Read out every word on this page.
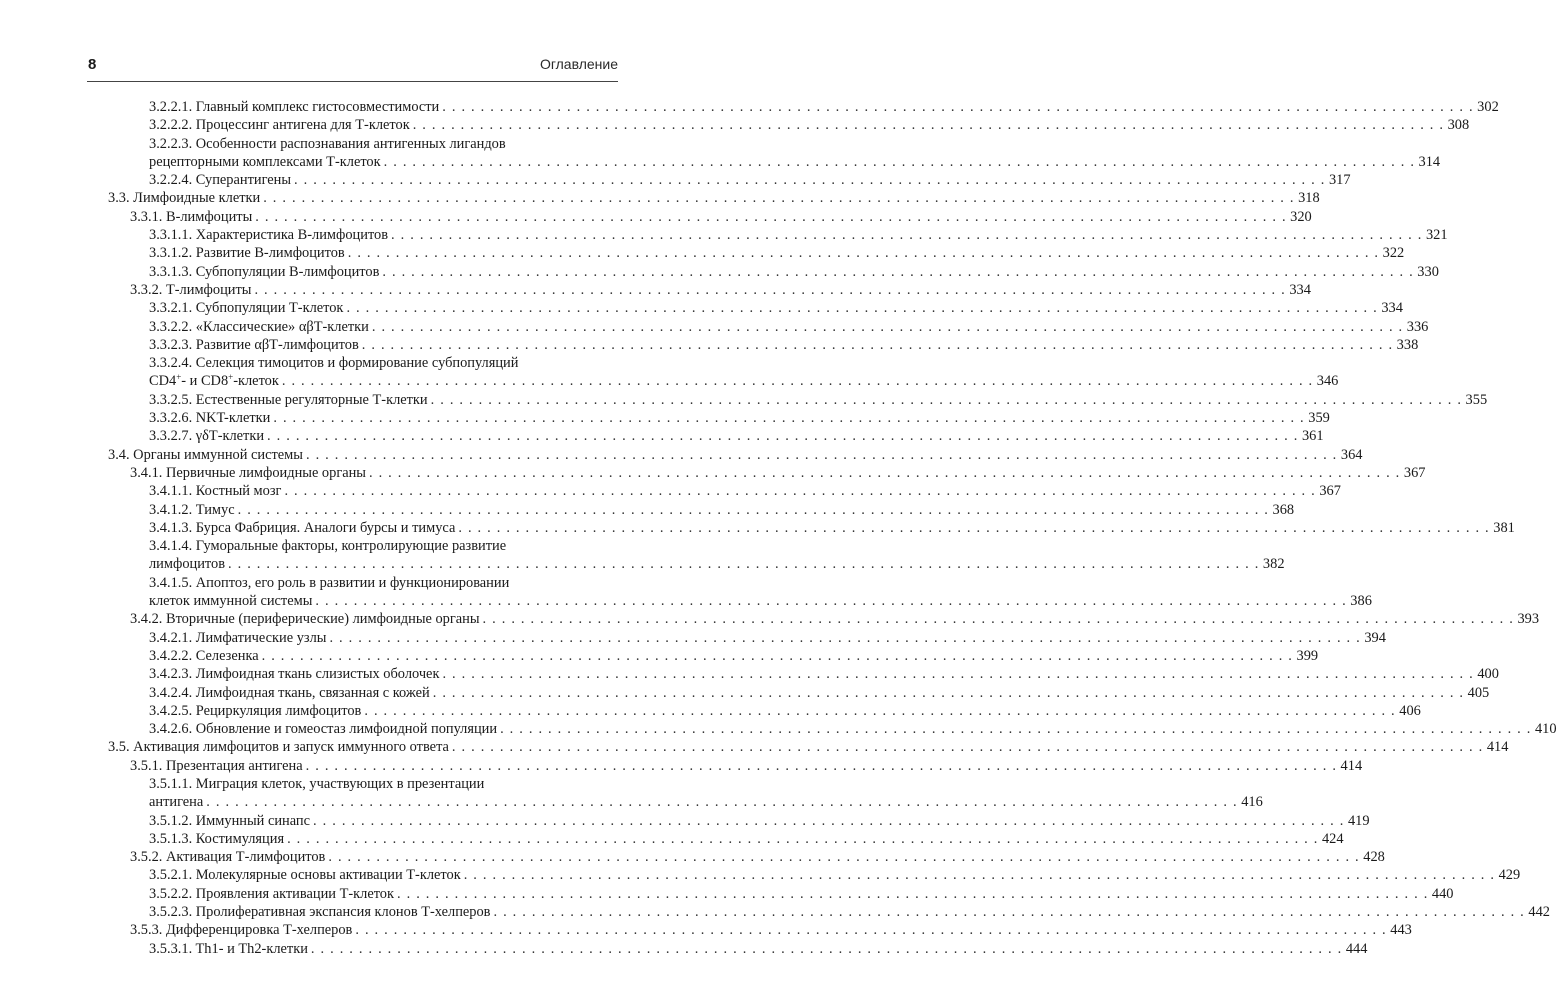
8	Оглавление
3.2.2.1. Главный комплекс гистосовместимости . . . . . . . . . . . . . . . . . . . . . . . . . . . . . . . . . . . . . . . . . . . . . . . . . . . . . . . . . . . . . . . . . . . . . . . . . . . . . . . . . . . . . . . . . . . . . . . . . . . . . . . . . . . . 302
3.2.2.2. Процессинг антигена для Т-клеток . . . . . . . . . . . . . . . . . . . . . . . . . . . . . . . . . . . . . . . . . . . . . . . . . . . . . . . . . . . . . . . . . . . . . . . . . . . . . . . . . . . . . . . . . . . . . . . . . . . . . . . . . . . . 308
3.2.2.3. Особенности распознавания антигенных лигандов
рецепторными комплексами Т-клеток . . . . . . . . . . . . . . . . . . . . . . . . . . . . . . . . . . . . . . . . . . . . . . . . . . . . . . . . . . . . . . . . . . . . . . . . . . . . . . . . . . . . . . . . . . . . . . . . . . . . . . . . . . . . 314
3.2.2.4. Суперантигены . . . . . . . . . . . . . . . . . . . . . . . . . . . . . . . . . . . . . . . . . . . . . . . . . . . . . . . . . . . . . . . . . . . . . . . . . . . . . . . . . . . . . . . . . . . . . . . . . . . . . . . . . . . . 317
3.3. Лимфоидные клетки . . . . . . . . . . . . . . . . . . . . . . . . . . . . . . . . . . . . . . . . . . . . . . . . . . . . . . . . . . . . . . . . . . . . . . . . . . . . . . . . . . . . . . . . . . . . . . . . . . . . . . . . . . . . 318
3.3.1. В-лимфоциты . . . . . . . . . . . . . . . . . . . . . . . . . . . . . . . . . . . . . . . . . . . . . . . . . . . . . . . . . . . . . . . . . . . . . . . . . . . . . . . . . . . . . . . . . . . . . . . . . . . . . . . . . . . . 320
3.3.1.1. Характеристика В-лимфоцитов . . . . . . . . . . . . . . . . . . . . . . . . . . . . . . . . . . . . . . . . . . . . . . . . . . . . . . . . . . . . . . . . . . . . . . . . . . . . . . . . . . . . . . . . . . . . . . . . . . . . . . . . . . . . 321
3.3.1.2. Развитие В-лимфоцитов . . . . . . . . . . . . . . . . . . . . . . . . . . . . . . . . . . . . . . . . . . . . . . . . . . . . . . . . . . . . . . . . . . . . . . . . . . . . . . . . . . . . . . . . . . . . . . . . . . . . . . . . . . . . 322
3.3.1.3. Субпопуляции В-лимфоцитов . . . . . . . . . . . . . . . . . . . . . . . . . . . . . . . . . . . . . . . . . . . . . . . . . . . . . . . . . . . . . . . . . . . . . . . . . . . . . . . . . . . . . . . . . . . . . . . . . . . . . . . . . . . . 330
3.3.2. Т-лимфоциты . . . . . . . . . . . . . . . . . . . . . . . . . . . . . . . . . . . . . . . . . . . . . . . . . . . . . . . . . . . . . . . . . . . . . . . . . . . . . . . . . . . . . . . . . . . . . . . . . . . . . . . . . . . . 334
3.3.2.1. Субпопуляции Т-клеток . . . . . . . . . . . . . . . . . . . . . . . . . . . . . . . . . . . . . . . . . . . . . . . . . . . . . . . . . . . . . . . . . . . . . . . . . . . . . . . . . . . . . . . . . . . . . . . . . . . . . . . . . . . . 334
3.3.2.2. «Классические» αβТ-клетки . . . . . . . . . . . . . . . . . . . . . . . . . . . . . . . . . . . . . . . . . . . . . . . . . . . . . . . . . . . . . . . . . . . . . . . . . . . . . . . . . . . . . . . . . . . . . . . . . . . . . . . . . . . . 336
3.3.2.3. Развитие αβТ-лимфоцитов . . . . . . . . . . . . . . . . . . . . . . . . . . . . . . . . . . . . . . . . . . . . . . . . . . . . . . . . . . . . . . . . . . . . . . . . . . . . . . . . . . . . . . . . . . . . . . . . . . . . . . . . . . . . 338
3.3.2.4. Селекция тимоцитов и формирование субпопуляций
CD4+- и CD8+-клеток . . . . . . . . . . . . . . . . . . . . . . . . . . . . . . . . . . . . . . . . . . . . . . . . . . . . . . . . . . . . . . . . . . . . . . . . . . . . . . . . . . . . . . . . . . . . . . . . . . . . . . . . . . . . 346
3.3.2.5. Естественные регуляторные Т-клетки . . . . . . . . . . . . . . . . . . . . . . . . . . . . . . . . . . . . . . . . . . . . . . . . . . . . . . . . . . . . . . . . . . . . . . . . . . . . . . . . . . . . . . . . . . . . . . . . . . . . . . . . . . . . 355
3.3.2.6. NKT-клетки . . . . . . . . . . . . . . . . . . . . . . . . . . . . . . . . . . . . . . . . . . . . . . . . . . . . . . . . . . . . . . . . . . . . . . . . . . . . . . . . . . . . . . . . . . . . . . . . . . . . . . . . . . . . 359
3.3.2.7. γδТ-клетки . . . . . . . . . . . . . . . . . . . . . . . . . . . . . . . . . . . . . . . . . . . . . . . . . . . . . . . . . . . . . . . . . . . . . . . . . . . . . . . . . . . . . . . . . . . . . . . . . . . . . . . . . . . . 361
3.4. Органы иммунной системы . . . . . . . . . . . . . . . . . . . . . . . . . . . . . . . . . . . . . . . . . . . . . . . . . . . . . . . . . . . . . . . . . . . . . . . . . . . . . . . . . . . . . . . . . . . . . . . . . . . . . . . . . . . . 364
3.4.1. Первичные лимфоидные органы . . . . . . . . . . . . . . . . . . . . . . . . . . . . . . . . . . . . . . . . . . . . . . . . . . . . . . . . . . . . . . . . . . . . . . . . . . . . . . . . . . . . . . . . . . . . . . . . . . . . . . . . . . . . 367
3.4.1.1. Костный мозг . . . . . . . . . . . . . . . . . . . . . . . . . . . . . . . . . . . . . . . . . . . . . . . . . . . . . . . . . . . . . . . . . . . . . . . . . . . . . . . . . . . . . . . . . . . . . . . . . . . . . . . . . . . . 367
3.4.1.2. Тимус . . . . . . . . . . . . . . . . . . . . . . . . . . . . . . . . . . . . . . . . . . . . . . . . . . . . . . . . . . . . . . . . . . . . . . . . . . . . . . . . . . . . . . . . . . . . . . . . . . . . . . . . . . . . 368
3.4.1.3. Бурса Фабриция. Аналоги бурсы и тимуса . . . . . . . . . . . . . . . . . . . . . . . . . . . . . . . . . . . . . . . . . . . . . . . . . . . . . . . . . . . . . . . . . . . . . . . . . . . . . . . . . . . . . . . . . . . . . . . . . . . . . . . . . . . . 381
3.4.1.4. Гуморальные факторы, контролирующие развитие
лимфоцитов . . . . . . . . . . . . . . . . . . . . . . . . . . . . . . . . . . . . . . . . . . . . . . . . . . . . . . . . . . . . . . . . . . . . . . . . . . . . . . . . . . . . . . . . . . . . . . . . . . . . . . . . . . . . 382
3.4.1.5. Апоптоз, его роль в развитии и функционировании
клеток иммунной системы . . . . . . . . . . . . . . . . . . . . . . . . . . . . . . . . . . . . . . . . . . . . . . . . . . . . . . . . . . . . . . . . . . . . . . . . . . . . . . . . . . . . . . . . . . . . . . . . . . . . . . . . . . . . 386
3.4.2. Вторичные (периферические) лимфоидные органы . . . . . . . . . . . . . . . . . . . . . . . . . . . . . . . . . . . . . . . . . . . . . . . . . . . . . . . . . . . . . . . . . . . . . . . . . . . . . . . . . . . . . . . . . . . . . . . . . . . . . . . . . . . . 393
3.4.2.1. Лимфатические узлы . . . . . . . . . . . . . . . . . . . . . . . . . . . . . . . . . . . . . . . . . . . . . . . . . . . . . . . . . . . . . . . . . . . . . . . . . . . . . . . . . . . . . . . . . . . . . . . . . . . . . . . . . . . . 394
3.4.2.2. Селезенка . . . . . . . . . . . . . . . . . . . . . . . . . . . . . . . . . . . . . . . . . . . . . . . . . . . . . . . . . . . . . . . . . . . . . . . . . . . . . . . . . . . . . . . . . . . . . . . . . . . . . . . . . . . . 399
3.4.2.3. Лимфоидная ткань слизистых оболочек . . . . . . . . . . . . . . . . . . . . . . . . . . . . . . . . . . . . . . . . . . . . . . . . . . . . . . . . . . . . . . . . . . . . . . . . . . . . . . . . . . . . . . . . . . . . . . . . . . . . . . . . . . . . 400
3.4.2.4. Лимфоидная ткань, связанная с кожей . . . . . . . . . . . . . . . . . . . . . . . . . . . . . . . . . . . . . . . . . . . . . . . . . . . . . . . . . . . . . . . . . . . . . . . . . . . . . . . . . . . . . . . . . . . . . . . . . . . . . . . . . . . . 405
3.4.2.5. Рециркуляция лимфоцитов . . . . . . . . . . . . . . . . . . . . . . . . . . . . . . . . . . . . . . . . . . . . . . . . . . . . . . . . . . . . . . . . . . . . . . . . . . . . . . . . . . . . . . . . . . . . . . . . . . . . . . . . . . . . 406
3.4.2.6. Обновление и гомеостаз лимфоидной популяции . . . . . . . . . . . . . . . . . . . . . . . . . . . . . . . . . . . . . . . . . . . . . . . . . . . . . . . . . . . . . . . . . . . . . . . . . . . . . . . . . . . . . . . . . . . . . . . . . . . . . . . . . . . . 410
3.5. Активация лимфоцитов и запуск иммунного ответа . . . . . . . . . . . . . . . . . . . . . . . . . . . . . . . . . . . . . . . . . . . . . . . . . . . . . . . . . . . . . . . . . . . . . . . . . . . . . . . . . . . . . . . . . . . . . . . . . . . . . . . . . . . . 414
3.5.1. Презентация антигена . . . . . . . . . . . . . . . . . . . . . . . . . . . . . . . . . . . . . . . . . . . . . . . . . . . . . . . . . . . . . . . . . . . . . . . . . . . . . . . . . . . . . . . . . . . . . . . . . . . . . . . . . . . . 414
3.5.1.1. Миграция клеток, участвующих в презентации
антигена . . . . . . . . . . . . . . . . . . . . . . . . . . . . . . . . . . . . . . . . . . . . . . . . . . . . . . . . . . . . . . . . . . . . . . . . . . . . . . . . . . . . . . . . . . . . . . . . . . . . . . . . . . . . 416
3.5.1.2. Иммунный синапс . . . . . . . . . . . . . . . . . . . . . . . . . . . . . . . . . . . . . . . . . . . . . . . . . . . . . . . . . . . . . . . . . . . . . . . . . . . . . . . . . . . . . . . . . . . . . . . . . . . . . . . . . . . . 419
3.5.1.3. Костимуляция . . . . . . . . . . . . . . . . . . . . . . . . . . . . . . . . . . . . . . . . . . . . . . . . . . . . . . . . . . . . . . . . . . . . . . . . . . . . . . . . . . . . . . . . . . . . . . . . . . . . . . . . . . . . 424
3.5.2. Активация Т-лимфоцитов . . . . . . . . . . . . . . . . . . . . . . . . . . . . . . . . . . . . . . . . . . . . . . . . . . . . . . . . . . . . . . . . . . . . . . . . . . . . . . . . . . . . . . . . . . . . . . . . . . . . . . . . . . . . 428
3.5.2.1. Молекулярные основы активации Т-клеток . . . . . . . . . . . . . . . . . . . . . . . . . . . . . . . . . . . . . . . . . . . . . . . . . . . . . . . . . . . . . . . . . . . . . . . . . . . . . . . . . . . . . . . . . . . . . . . . . . . . . . . . . . . . 429
3.5.2.2. Проявления активации Т-клеток . . . . . . . . . . . . . . . . . . . . . . . . . . . . . . . . . . . . . . . . . . . . . . . . . . . . . . . . . . . . . . . . . . . . . . . . . . . . . . . . . . . . . . . . . . . . . . . . . . . . . . . . . . . . 440
3.5.2.3. Пролиферативная экспансия клонов Т-хелперов . . . . . . . . . . . . . . . . . . . . . . . . . . . . . . . . . . . . . . . . . . . . . . . . . . . . . . . . . . . . . . . . . . . . . . . . . . . . . . . . . . . . . . . . . . . . . . . . . . . . . . . . . . . . 442
3.5.3. Дифференцировка Т-хелперов . . . . . . . . . . . . . . . . . . . . . . . . . . . . . . . . . . . . . . . . . . . . . . . . . . . . . . . . . . . . . . . . . . . . . . . . . . . . . . . . . . . . . . . . . . . . . . . . . . . . . . . . . . . . 443
3.5.3.1. Th1- и Th2-клетки . . . . . . . . . . . . . . . . . . . . . . . . . . . . . . . . . . . . . . . . . . . . . . . . . . . . . . . . . . . . . . . . . . . . . . . . . . . . . . . . . . . . . . . . . . . . . . . . . . . . . . . . . . . . 444
